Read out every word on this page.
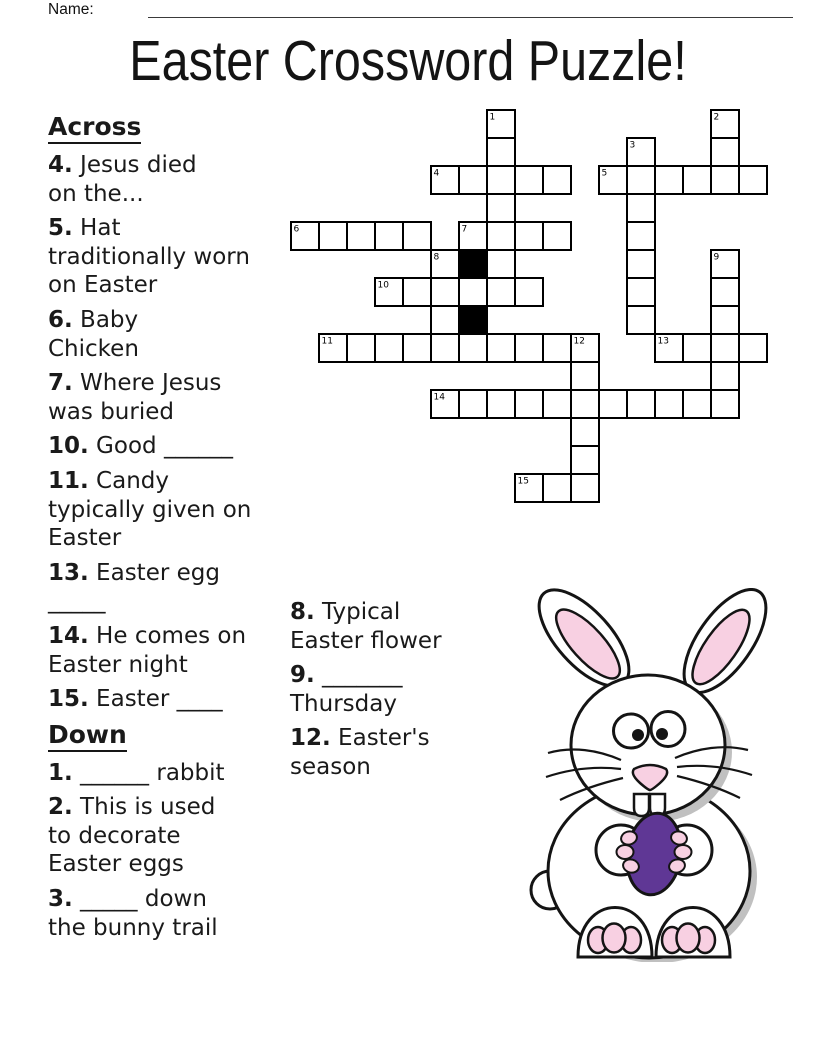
Name:
Easter Crossword Puzzle!
Across
4. Jesus died
on the...
5. Hat
traditionally worn
on Easter
6. Baby
Chicken
7. Where Jesus
was buried
10. Good ______
11. Candy
typically given on
Easter
13. Easter egg
_____
14. He comes on
Easter night
15. Easter ____
Down
1. ______ rabbit
2. This is used
to decorate
Easter eggs
3. _____ down
the bunny trail
8. Typical
Easter flower
9. _______
Thursday
12. Easter's
season
1	2
3
4	5
6	7
8	9
10
11	12	13
14
15
